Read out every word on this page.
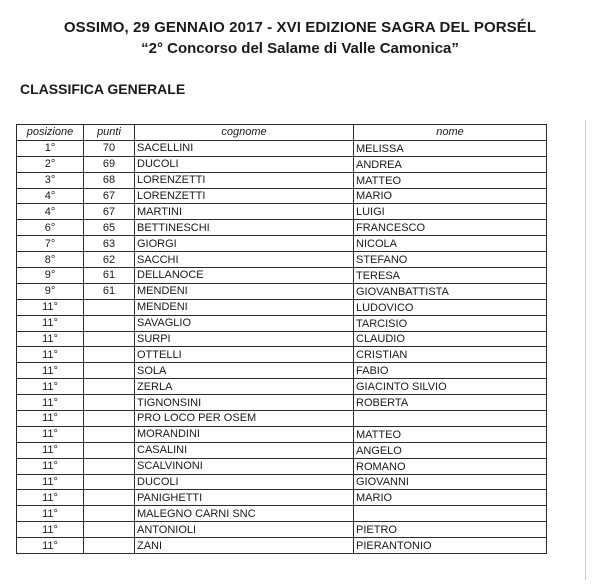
OSSIMO, 29 GENNAIO 2017 - XVI EDIZIONE SAGRA DEL PORSÉL
“2° Concorso del Salame di Valle Camonica”
CLASSIFICA GENERALE
posizione	punti	cognome	nome
1°	70	SACELLINI	MELISSA
2°	69	DUCOLI	ANDREA
3°	68	LORENZETTI	MATTEO
4°	67	LORENZETTI	MARIO
4°	67	MARTINI	LUIGI
6°	65	BETTINESCHI	FRANCESCO
7°	63	GIORGI	NICOLA
8°	62	SACCHI	STEFANO
9°	61	DELLANOCE	TERESA
9°	61	MENDENI	GIOVANBATTISTA
11°		MENDENI	LUDOVICO
11°		SAVAGLIO	TARCISIO
11°		SURPI	CLAUDIO
11°		OTTELLI	CRISTIAN
11°		SOLA	FABIO
11°		ZERLA	GIACINTO SILVIO
11°		TIGNONSINI	ROBERTA
11°		PRO LOCO PER OSEM	
11°		MORANDINI	MATTEO
11°		CASALINI	ANGELO
11°		SCALVINONI	ROMANO
11°		DUCOLI	GIOVANNI
11°		PANIGHETTI	MARIO
11°		MALEGNO CARNI SNC	
11°		ANTONIOLI	PIETRO
11°		ZANI	PIERANTONIO
